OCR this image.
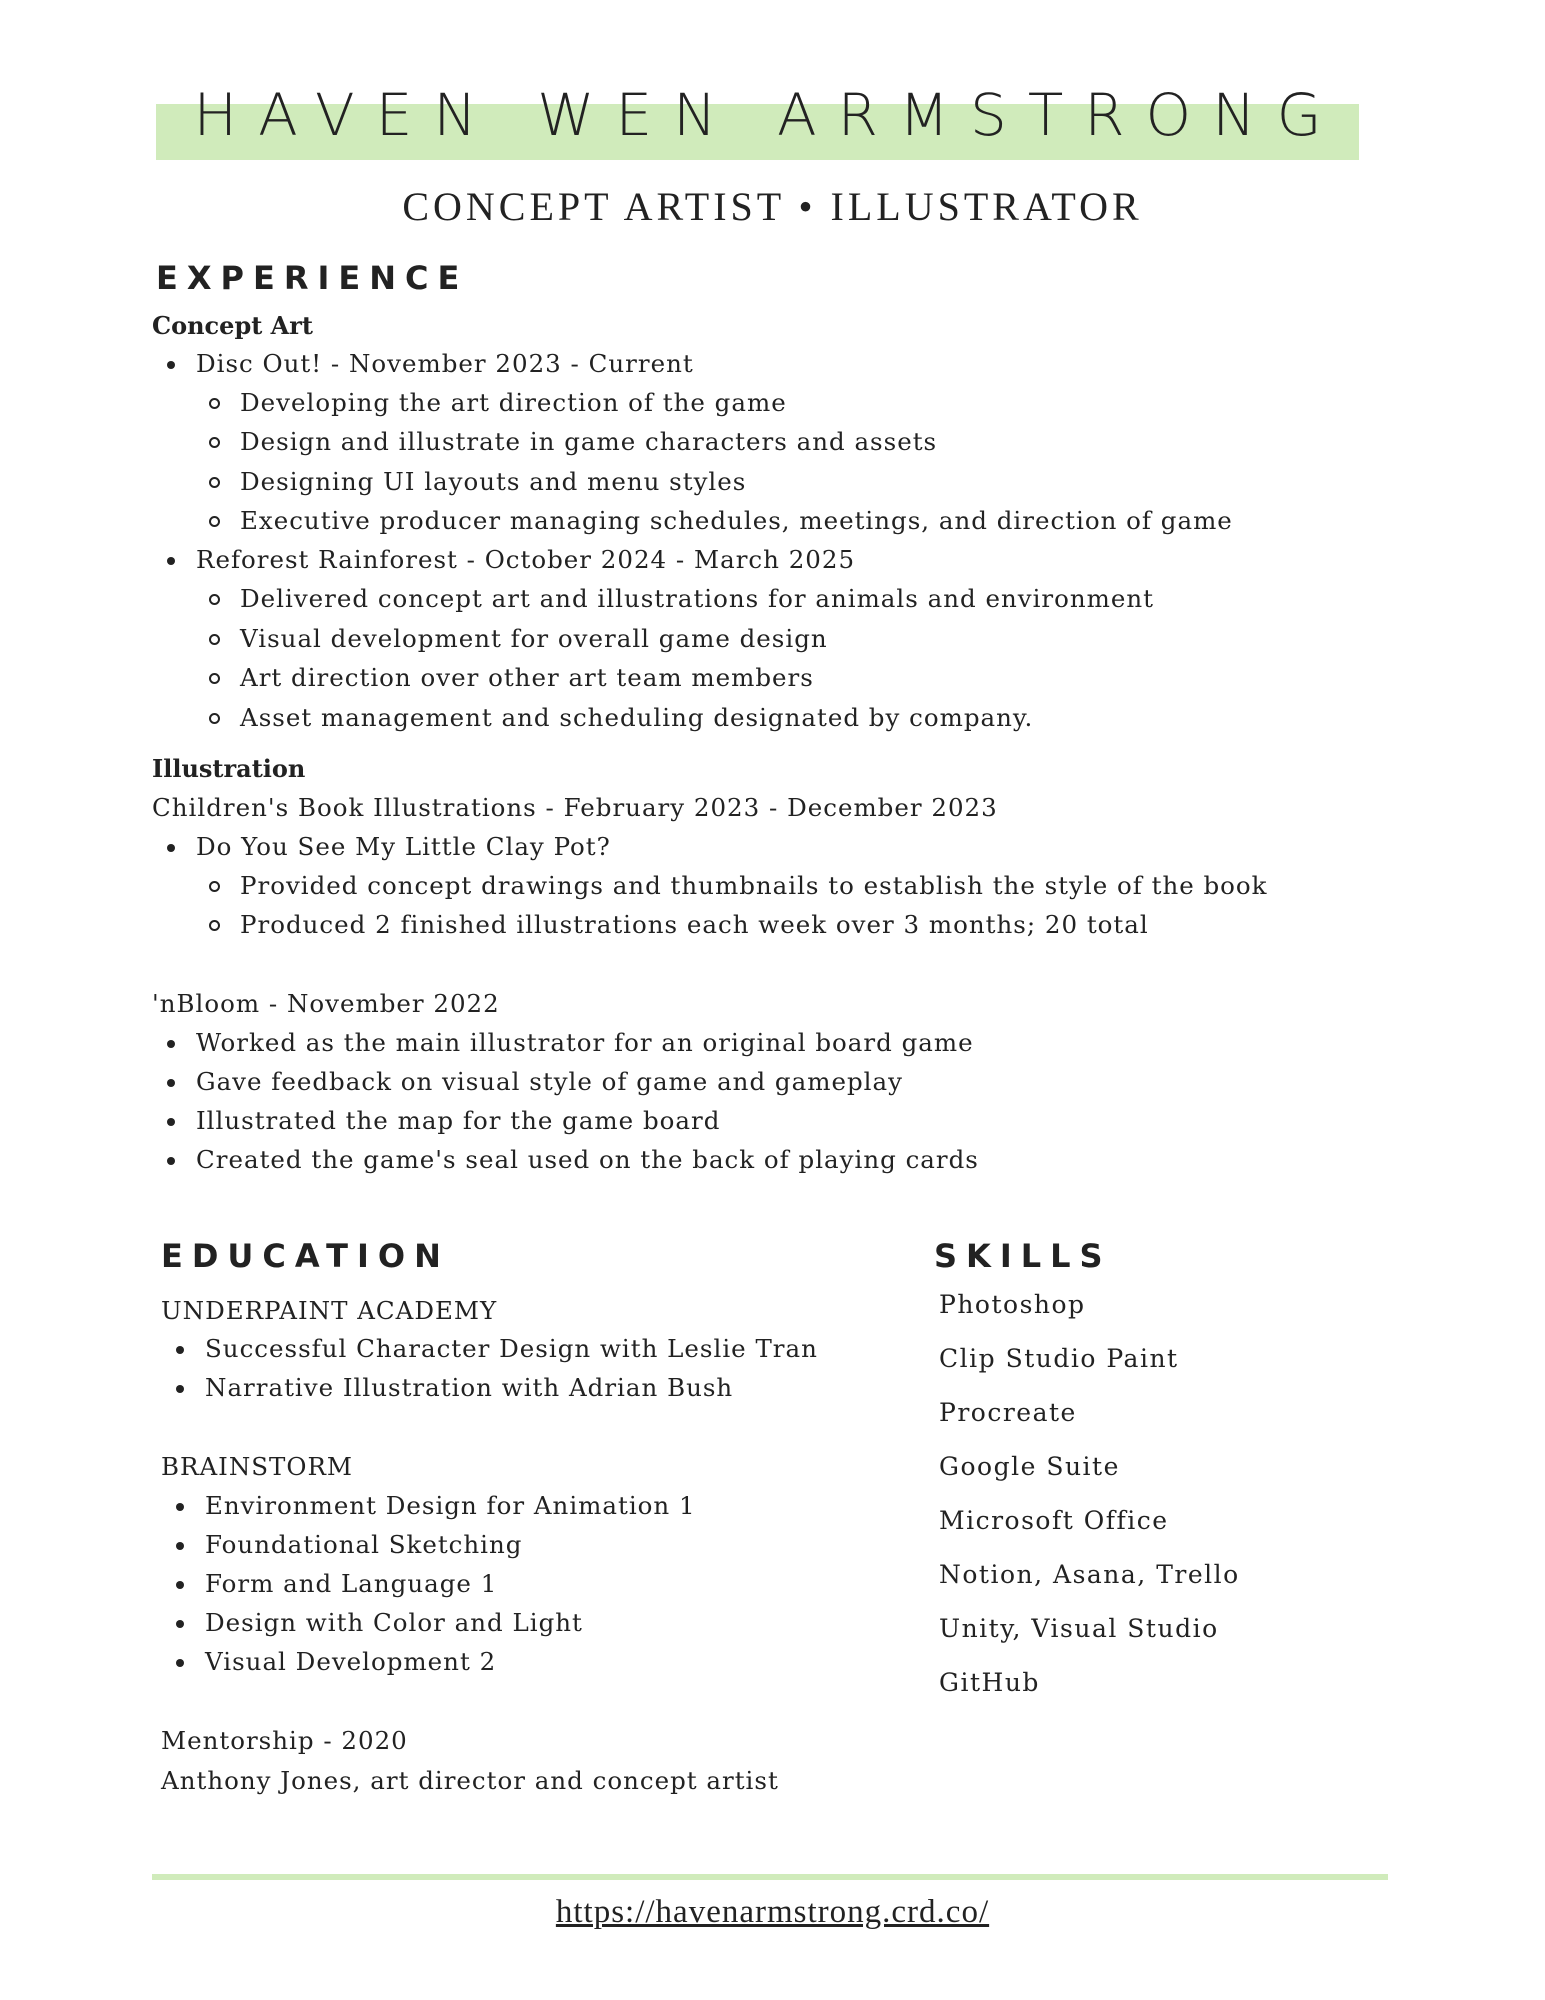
HAVEN WEN ARMSTRONG
CONCEPT ARTIST • ILLUSTRATOR
EXPERIENCE
Concept Art
Disc Out! - November 2023 - Current
Developing the art direction of the game
Design and illustrate in game characters and assets
Designing UI layouts and menu styles
Executive producer managing schedules, meetings, and direction of game
Reforest Rainforest - October 2024 - March 2025
Delivered concept art and illustrations for animals and environment
Visual development for overall game design
Art direction over other art team members
Asset management and scheduling designated by company.
Illustration
Children's Book Illustrations - February 2023 - December 2023
Do You See My Little Clay Pot?
Provided concept drawings and thumbnails to establish the style of the book
Produced 2 finished illustrations each week over 3 months; 20 total
'nBloom - November 2022
Worked as the main illustrator for an original board game
Gave feedback on visual style of game and gameplay
Illustrated the map for the game board
Created the game's seal used on the back of playing cards
EDUCATION
UNDERPAINT ACADEMY
Successful Character Design with Leslie Tran
Narrative Illustration with Adrian Bush
BRAINSTORM
Environment Design for Animation 1
Foundational Sketching
Form and Language 1
Design with Color and Light
Visual Development 2
Mentorship - 2020
Anthony Jones, art director and concept artist
SKILLS
Photoshop
Clip Studio Paint
Procreate
Google Suite
Microsoft Office
Notion, Asana, Trello
Unity, Visual Studio
GitHub
https://havenarmstrong.crd.co/
